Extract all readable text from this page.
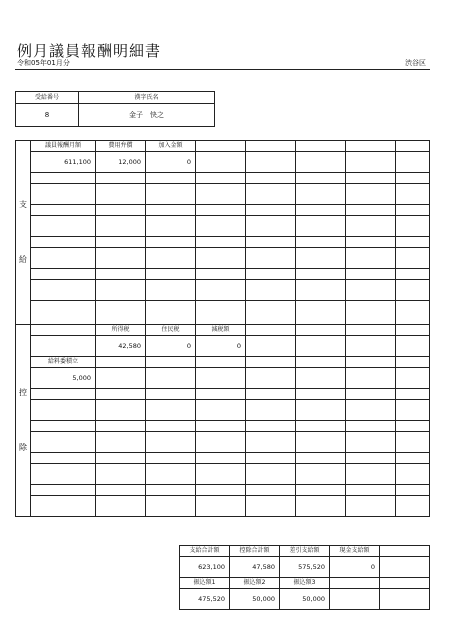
例月議員報酬明細書
令和05年01月分	渋谷区
受給番号	漢字氏名
8	金子　快之
支
給	議員報酬月額	費用弁償	加入金額					
	611,100	12,000	0					

控
除		所得税	住民税	減税額				
		42,580	0	0				
	給料委積立							
	5,000							

支給合計額	控除合計額	差引支給額	現金支給額	
623,100	47,580	575,520	0	
振込額1	振込額2	振込額3		
475,520	50,000	50,000		
